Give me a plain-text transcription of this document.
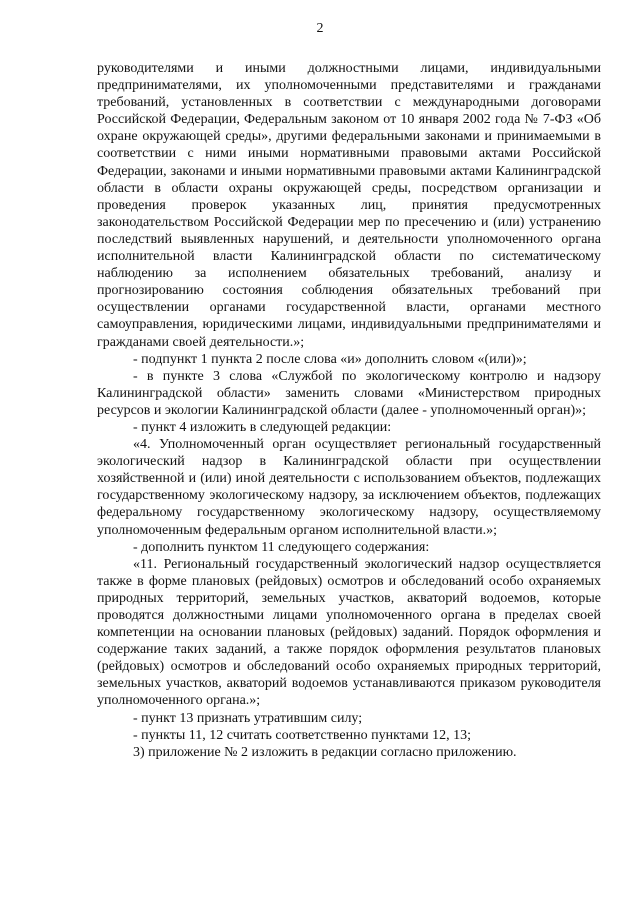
2

руководителями и иными должностными лицами, индивидуальными предпринимателями, их уполномоченными представителями и гражданами требований, установленных в соответствии с международными договорами Российской Федерации, Федеральным законом от 10 января 2002 года № 7-ФЗ «Об охране окружающей среды», другими федеральными законами и принимаемыми в соответствии с ними иными нормативными правовыми актами Российской Федерации, законами и иными нормативными правовыми актами Калининградской области в области охраны окружающей среды, посредством организации и проведения проверок указанных лиц, принятия предусмотренных законодательством Российской Федерации мер по пресечению и (или) устранению последствий выявленных нарушений, и деятельности уполномоченного органа исполнительной власти Калининградской области по систематическому наблюдению за исполнением обязательных требований, анализу и прогнозированию состояния соблюдения обязательных требований при осуществлении органами государственной власти, органами местного самоуправления, юридическими лицами, индивидуальными предпринимателями и гражданами своей деятельности.»;

- подпункт 1 пункта 2 после слова «и» дополнить словом «(или)»;

- в пункте 3 слова «Службой по экологическому контролю и надзору Калининградской области» заменить словами «Министерством природных ресурсов и экологии Калининградской области (далее - уполномоченный орган)»;

- пункт 4 изложить в следующей редакции:

«4. Уполномоченный орган осуществляет региональный государственный экологический надзор в Калининградской области при осуществлении хозяйственной и (или) иной деятельности с использованием объектов, подлежащих государственному экологическому надзору, за исключением объектов, подлежащих федеральному государственному экологическому надзору, осуществляемому уполномоченным федеральным органом исполнительной власти.»;

- дополнить пунктом 11 следующего содержания:

«11. Региональный государственный экологический надзор осуществляется также в форме плановых (рейдовых) осмотров и обследований особо охраняемых природных территорий, земельных участков, акваторий водоемов, которые проводятся должностными лицами уполномоченного органа в пределах своей компетенции на основании плановых (рейдовых) заданий. Порядок оформления и содержание таких заданий, а также порядок оформления результатов плановых (рейдовых) осмотров и обследований особо охраняемых природных территорий, земельных участков, акваторий водоемов устанавливаются приказом руководителя уполномоченного органа.»;

- пункт 13 признать утратившим силу;

- пункты 11, 12 считать соответственно пунктами 12, 13;

3) приложение № 2 изложить в редакции согласно приложению.
